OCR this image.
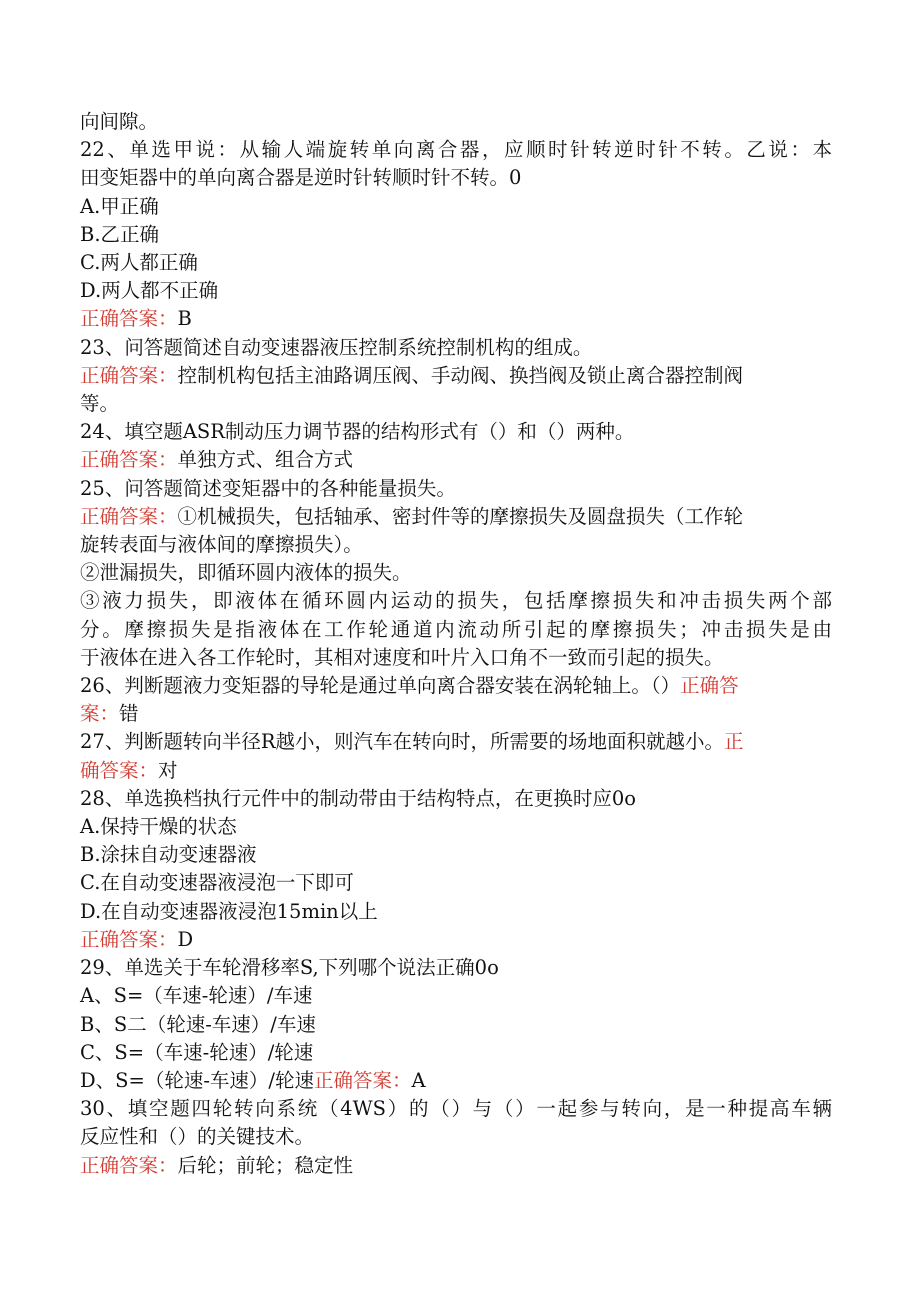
向间隙。
22、单选甲说：从输人端旋转单向离合器，应顺时针转逆时针不转。乙说：本
田变矩器中的单向离合器是逆时针转顺时针不转。0
A.甲正确
B.乙正确
C.两人都正确
D.两人都不正确
正确答案：B
23、问答题简述自动变速器液压控制系统控制机构的组成。
正确答案：控制机构包括主油路调压阀、手动阀、换挡阀及锁止离合器控制阀
等。
24、填空题ASR制动压力调节器的结构形式有（）和（）两种。
正确答案：单独方式、组合方式
25、问答题简述变矩器中的各种能量损失。
正确答案：①机械损失，包括轴承、密封件等的摩擦损失及圆盘损失（工作轮
旋转表面与液体间的摩擦损失）。
②泄漏损失，即循环圆内液体的损失。
③液力损失，即液体在循环圆内运动的损失，包括摩擦损失和冲击损失两个部
分。摩擦损失是指液体在工作轮通道内流动所引起的摩擦损失；冲击损失是由
于液体在进入各工作轮时，其相对速度和叶片入口角不一致而引起的损失。
26、判断题液力变矩器的导轮是通过单向离合器安装在涡轮轴上。（）正确答
案：错
27、判断题转向半径R越小，则汽车在转向时，所需要的场地面积就越小。正
确答案：对
28、单选换档执行元件中的制动带由于结构特点，在更换时应0o
A.保持干燥的状态
B.涂抹自动变速器液
C.在自动变速器液浸泡一下即可
D.在自动变速器液浸泡15min以上
正确答案：D
29、单选关于车轮滑移率S,下列哪个说法正确0o
A、S=（车速-轮速）/车速
B、S二（轮速-车速）/车速
C、S=（车速-轮速）/轮速
D、S=（轮速-车速）/轮速正确答案：A
30、填空题四轮转向系统（4WS）的（）与（）一起参与转向，是一种提高车辆
反应性和（）的关键技术。
正确答案：后轮；前轮；稳定性
